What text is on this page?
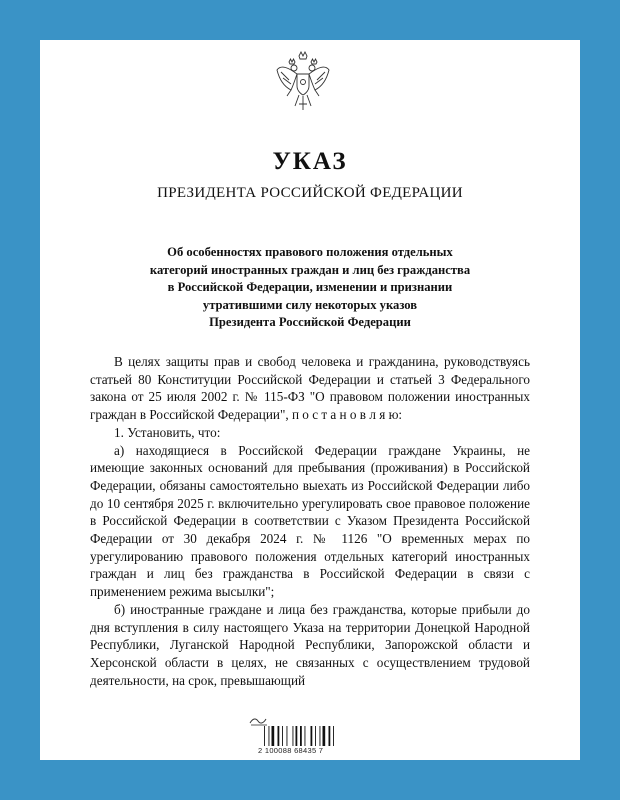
УКАЗ
ПРЕЗИДЕНТА РОССИЙСКОЙ ФЕДЕРАЦИИ
Об особенностях правового положения отдельных
категорий иностранных граждан и лиц без гражданства
в Российской Федерации, изменении и признании
утратившими силу некоторых указов
Президента Российской Федерации

В целях защиты прав и свобод человека и гражданина, руководствуясь статьей 80 Конституции Российской Федерации и статьей 3 Федерального закона от 25 июля 2002 г. № 115-ФЗ "О правовом положении иностранных граждан в Российской Федерации", п о с т а н о в л я ю:

1. Установить, что:

а) находящиеся в Российской Федерации граждане Украины, не имеющие законных оснований для пребывания (проживания) в Российской Федерации, обязаны самостоятельно выехать из Российской Федерации либо до 10 сентября 2025 г. включительно урегулировать свое правовое положение в Российской Федерации в соответствии с Указом Президента Российской Федерации от 30 декабря 2024 г. № 1126 "О временных мерах по урегулированию правового положения отдельных категорий иностранных граждан и лиц без гражданства в Российской Федерации в связи с применением режима высылки";

б) иностранные граждане и лица без гражданства, которые прибыли до дня вступления в силу настоящего Указа на территории Донецкой Народной Республики, Луганской Народной Республики, Запорожской области и Херсонской области в целях, не связанных с осуществлением трудовой деятельности, на срок, превышающий

2 100088 68435 7
